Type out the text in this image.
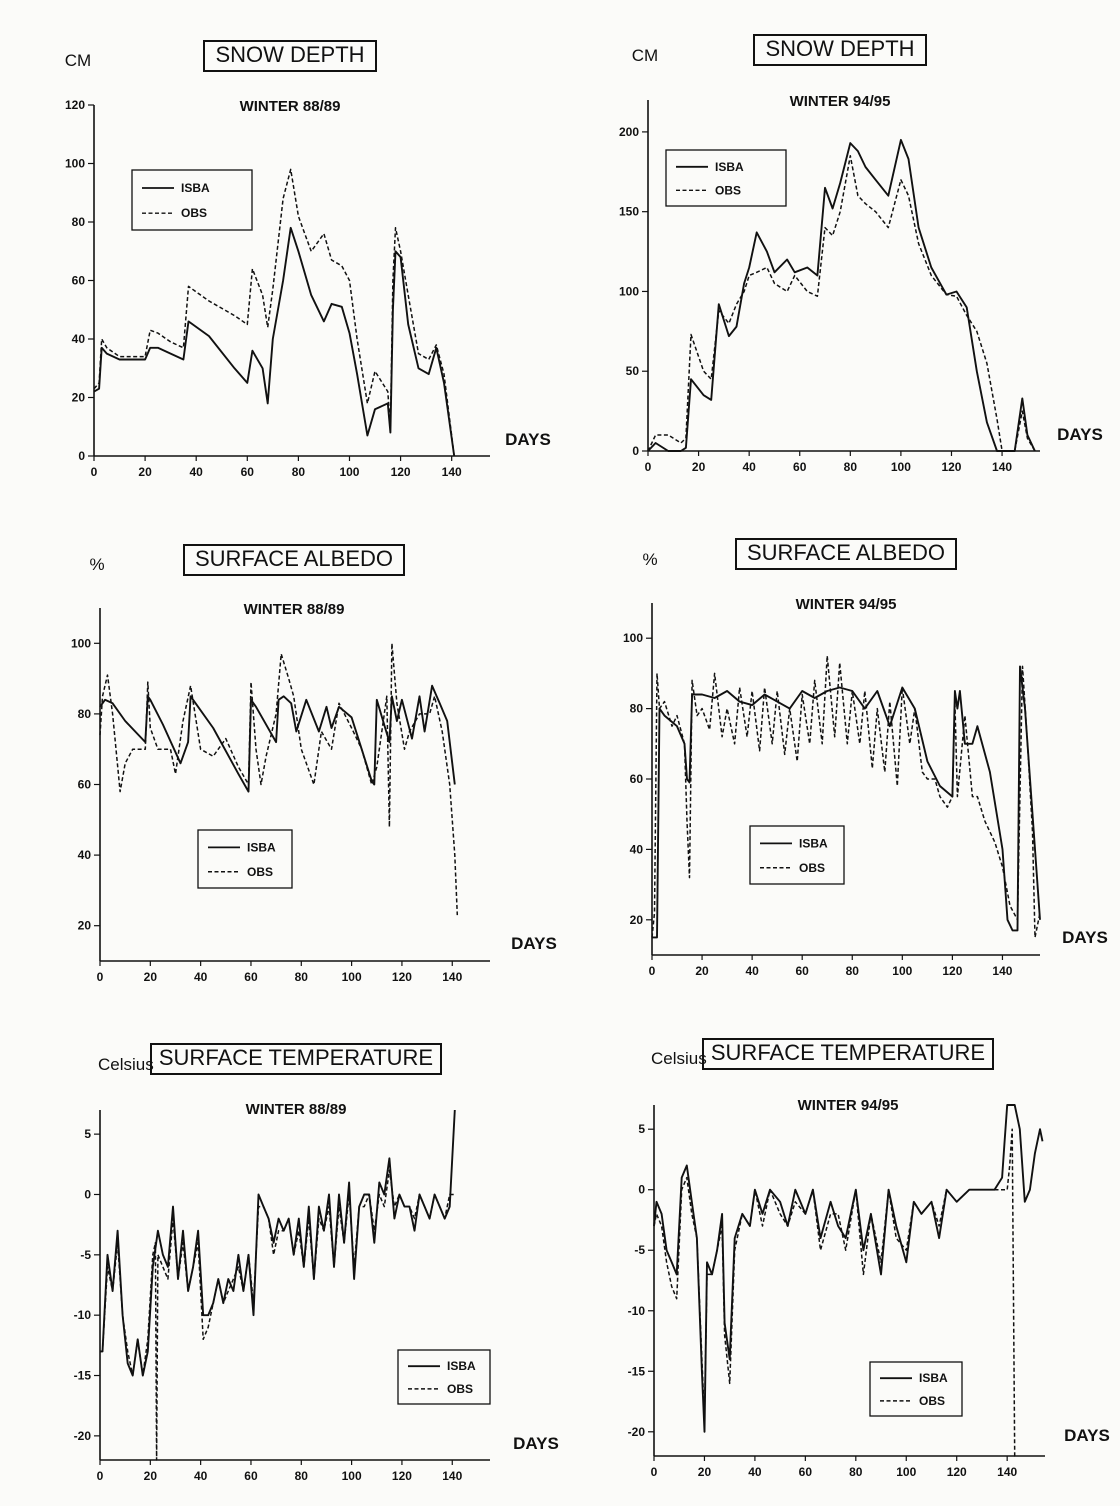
SNOW DEPTH
CM
WINTER 88/89
DAYS
0	20	40	60	80	100	120	140
0
20
40
60
80
100
120
ISBA
OBS
SNOW DEPTH
CM
WINTER 94/95
DAYS
0	20	40	60	80	100	120	140
0
50
100
150
200
ISBA
OBS
SURFACE ALBEDO
%
WINTER 88/89
DAYS
0	20	40	60	80	100	120	140
20
40
60
80
100
ISBA
OBS
SURFACE ALBEDO
%
WINTER 94/95
DAYS
0	20	40	60	80	100	120	140
20
40
60
80
100
ISBA
OBS
SURFACE TEMPERATURE
Celsius
WINTER 88/89
DAYS
0	20	40	60	80	100	120	140
-20
-15
-10
-5
0
5
ISBA
OBS
SURFACE TEMPERATURE
Celsius
WINTER 94/95
DAYS
0	20	40	60	80	100	120	140
-20
-15
-10
-5
0
5
ISBA
OBS
